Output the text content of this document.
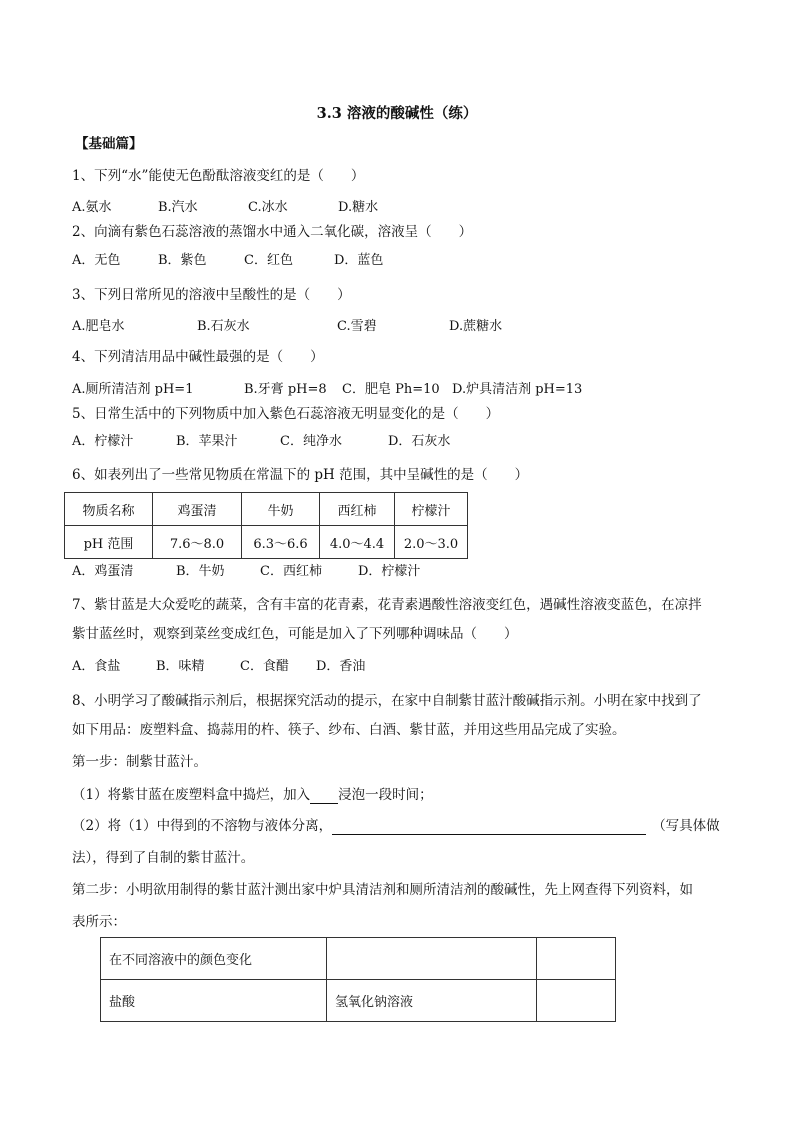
3.3 溶液的酸碱性（练）
【基础篇】
1、下列“水”能使无色酚酞溶液变红的是（　　）
A.氨水	B.汽水	C.冰水	D.糖水
2、向滴有紫色石蕊溶液的蒸馏水中通入二氧化碳，溶液呈（　　）
A．无色	B．紫色	C．红色	D．蓝色
3、下列日常所见的溶液中呈酸性的是（　　）
A.肥皂水	B.石灰水	C.雪碧	D.蔗糖水
4、下列清洁用品中碱性最强的是（　　）
A.厕所清洁剂 pH=1	B.牙膏 pH=8 C．肥皂 Ph=10 D.炉具清洁剂 pH=13
5、日常生活中的下列物质中加入紫色石蕊溶液无明显变化的是（　　）
A．柠檬汁	B．苹果汁	C．纯净水	D．石灰水
6、如表列出了一些常见物质在常温下的 pH 范围，其中呈碱性的是（　　）
物质名称	鸡蛋清	牛奶	西红柿	柠檬汁
pH 范围	7.6～8.0	6.3～6.6	4.0～4.4	2.0～3.0
A．鸡蛋清	B．牛奶	C．西红柿	D．柠檬汁
7、紫甘蓝是大众爱吃的蔬菜，含有丰富的花青素，花青素遇酸性溶液变红色，遇碱性溶液变蓝色，在凉拌
紫甘蓝丝时，观察到菜丝变成红色，可能是加入了下列哪种调味品（　　）
A．食盐	B．味精	C．食醋 D．香油
8、小明学习了酸碱指示剂后，根据探究活动的提示，在家中自制紫甘蓝汁酸碱指示剂。小明在家中找到了
如下用品：废塑料盒、捣蒜用的杵、筷子、纱布、白酒、紫甘蓝，并用这些用品完成了实验。
第一步：制紫甘蓝汁。
（1）将紫甘蓝在废塑料盒中捣烂，加入 浸泡一段时间；
（2）将（1）中得到的不溶物与液体分离，	（写具体做
法），得到了自制的紫甘蓝汁。
第二步：小明欲用制得的紫甘蓝汁测出家中炉具清洁剂和厕所清洁剂的酸碱性，先上网查得下列资料，如
表所示：
在不同溶液中的颜色变化		
盐酸	氢氧化钠溶液	
